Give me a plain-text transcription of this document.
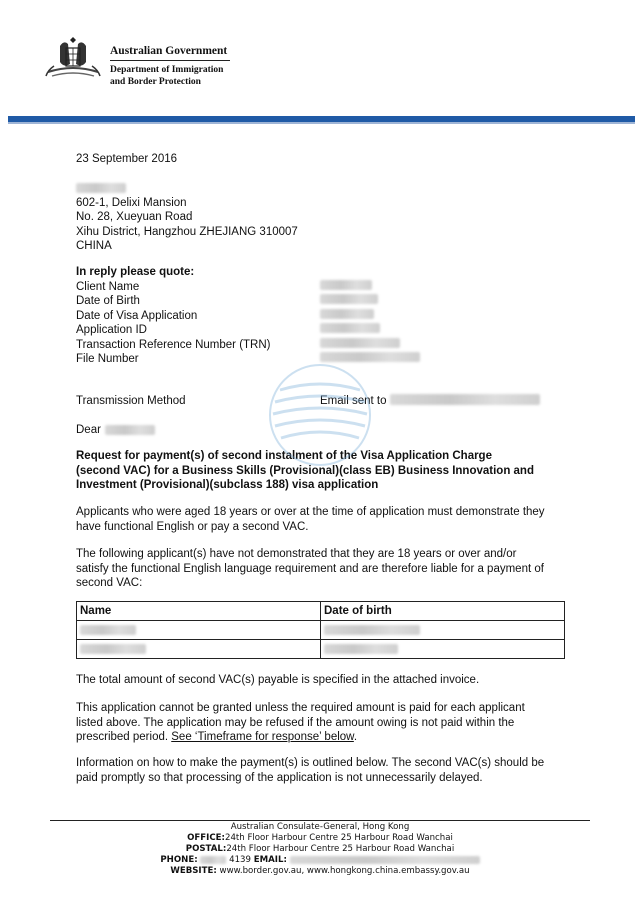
Australian Government
Department of Immigration
and Border Protection
23 September 2016
602-1, Delixi Mansion
No. 28, Xueyuan Road
Xihu District, Hangzhou ZHEJIANG 310007
CHINA
In reply please quote:
Client Name
Date of Birth
Date of Visa Application
Application ID
Transaction Reference Number (TRN)
File Number
Transmission Method	Email sent to
Dear
Request for payment(s) of second instalment of the Visa Application Charge
(second VAC) for a Business Skills (Provisional)(class EB) Business Innovation and
Investment (Provisional)(subclass 188) visa application
Applicants who were aged 18 years or over at the time of application must demonstrate they
have functional English or pay a second VAC.
The following applicant(s) have not demonstrated that they are 18 years or over and/or
satisfy the functional English language requirement and are therefore liable for a payment of
second VAC:
Name	Date of birth

The total amount of second VAC(s) payable is specified in the attached invoice.
This application cannot be granted unless the required amount is paid for each applicant
listed above. The application may be refused if the amount owing is not paid within the
prescribed period. See ‘Timeframe for response’ below.
Information on how to make the payment(s) is outlined below. The second VAC(s) should be
paid promptly so that processing of the application is not unnecessarily delayed.
Australian Consulate-General, Hong Kong
OFFICE:24th Floor Harbour Centre 25 Harbour Road Wanchai
POSTAL:24th Floor Harbour Centre 25 Harbour Road Wanchai
PHONE:	4139 EMAIL:
WEBSITE: www.border.gov.au, www.hongkong.china.embassy.gov.au
